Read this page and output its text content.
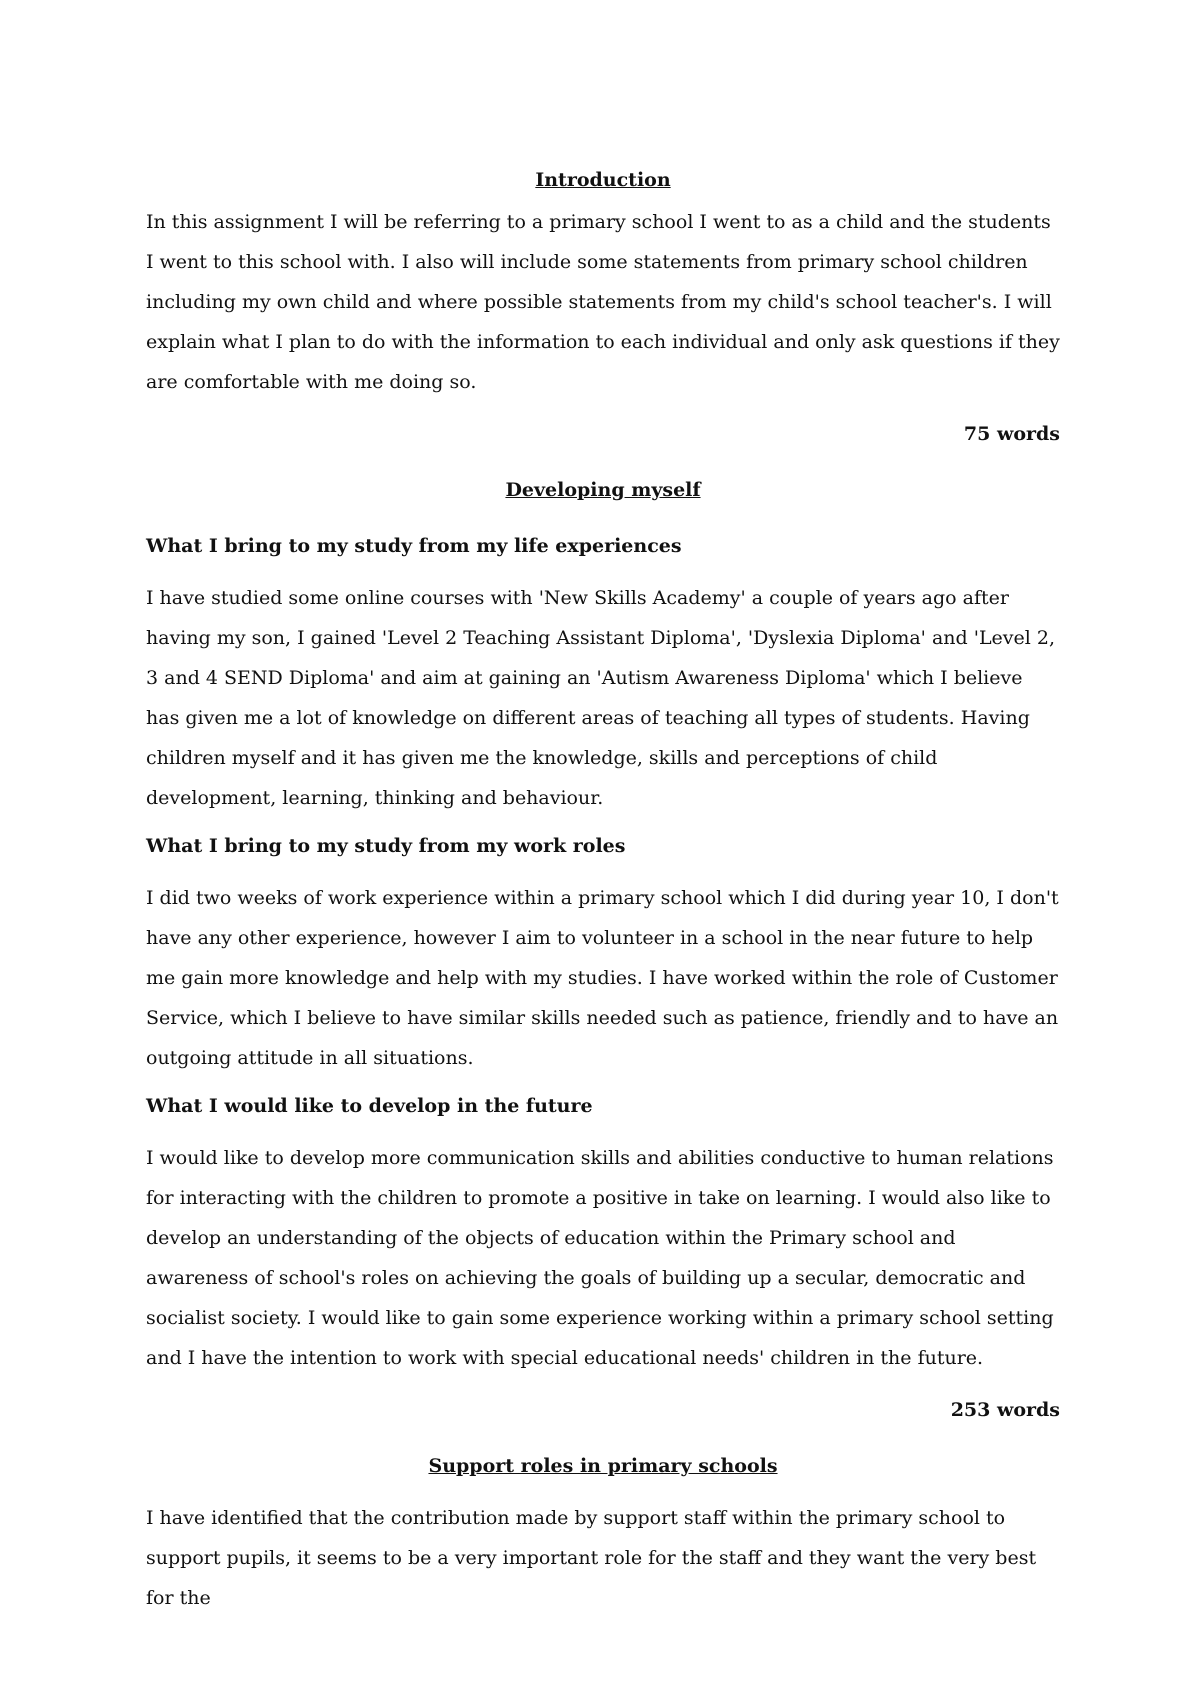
Introduction

In this assignment I will be referring to a primary school I went to as a child and the students I went to this school with. I also will include some statements from primary school children including my own child and where possible statements from my child's school teacher's. I will explain what I plan to do with the information to each individual and only ask questions if they are comfortable with me doing so.

75 words

Developing myself

What I bring to my study from my life experiences

I have studied some online courses with 'New Skills Academy' a couple of years ago after having my son, I gained 'Level 2 Teaching Assistant Diploma', 'Dyslexia Diploma' and 'Level 2, 3 and 4 SEND Diploma' and aim at gaining an 'Autism Awareness Diploma' which I believe has given me a lot of knowledge on different areas of teaching all types of students. Having children myself and it has given me the knowledge, skills and perceptions of child development, learning, thinking and behaviour.

What I bring to my study from my work roles

I did two weeks of work experience within a primary school which I did during year 10, I don't have any other experience, however I aim to volunteer in a school in the near future to help me gain more knowledge and help with my studies. I have worked within the role of Customer Service, which I believe to have similar skills needed such as patience, friendly and to have an outgoing attitude in all situations.

What I would like to develop in the future

I would like to develop more communication skills and abilities conductive to human relations for interacting with the children to promote a positive in take on learning. I would also like to develop an understanding of the objects of education within the Primary school and awareness of school's roles on achieving the goals of building up a secular, democratic and socialist society. I would like to gain some experience working within a primary school setting and I have the intention to work with special educational needs' children in the future.

253 words

Support roles in primary schools

I have identified that the contribution made by support staff within the primary school to support pupils, it seems to be a very important role for the staff and they want the very best for the
